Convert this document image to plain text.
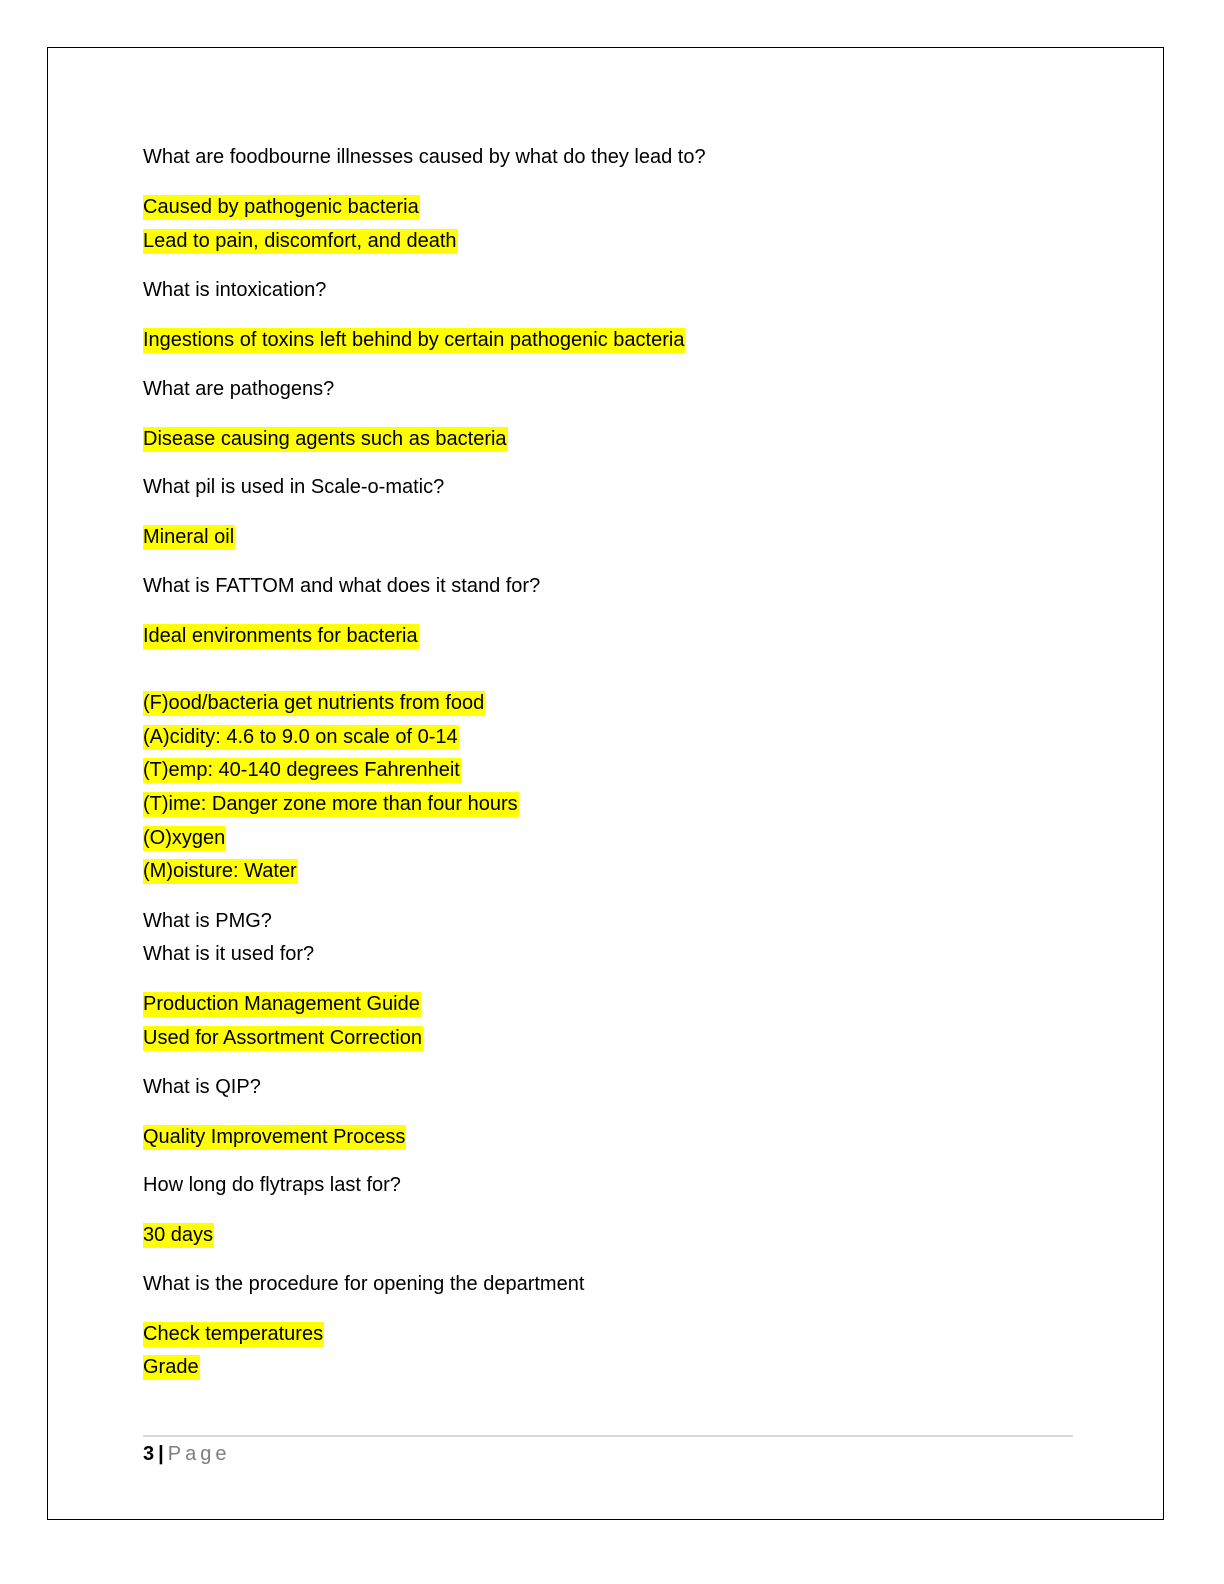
What are foodbourne illnesses caused by what do they lead to?
Caused by pathogenic bacteria
Lead to pain, discomfort, and death
What is intoxication?
Ingestions of toxins left behind by certain pathogenic bacteria
What are pathogens?
Disease causing agents such as bacteria
What pil is used in Scale-o-matic?
Mineral oil
What is FATTOM and what does it stand for?
Ideal environments for bacteria
(F)ood/bacteria get nutrients from food
(A)cidity: 4.6 to 9.0 on scale of 0-14
(T)emp: 40-140 degrees Fahrenheit
(T)ime: Danger zone more than four hours
(O)xygen
(M)oisture: Water
What is PMG?
What is it used for?
Production Management Guide
Used for Assortment Correction
What is QIP?
Quality Improvement Process
How long do flytraps last for?
30 days
What is the procedure for opening the department
Check temperatures
Grade
3 | Page
